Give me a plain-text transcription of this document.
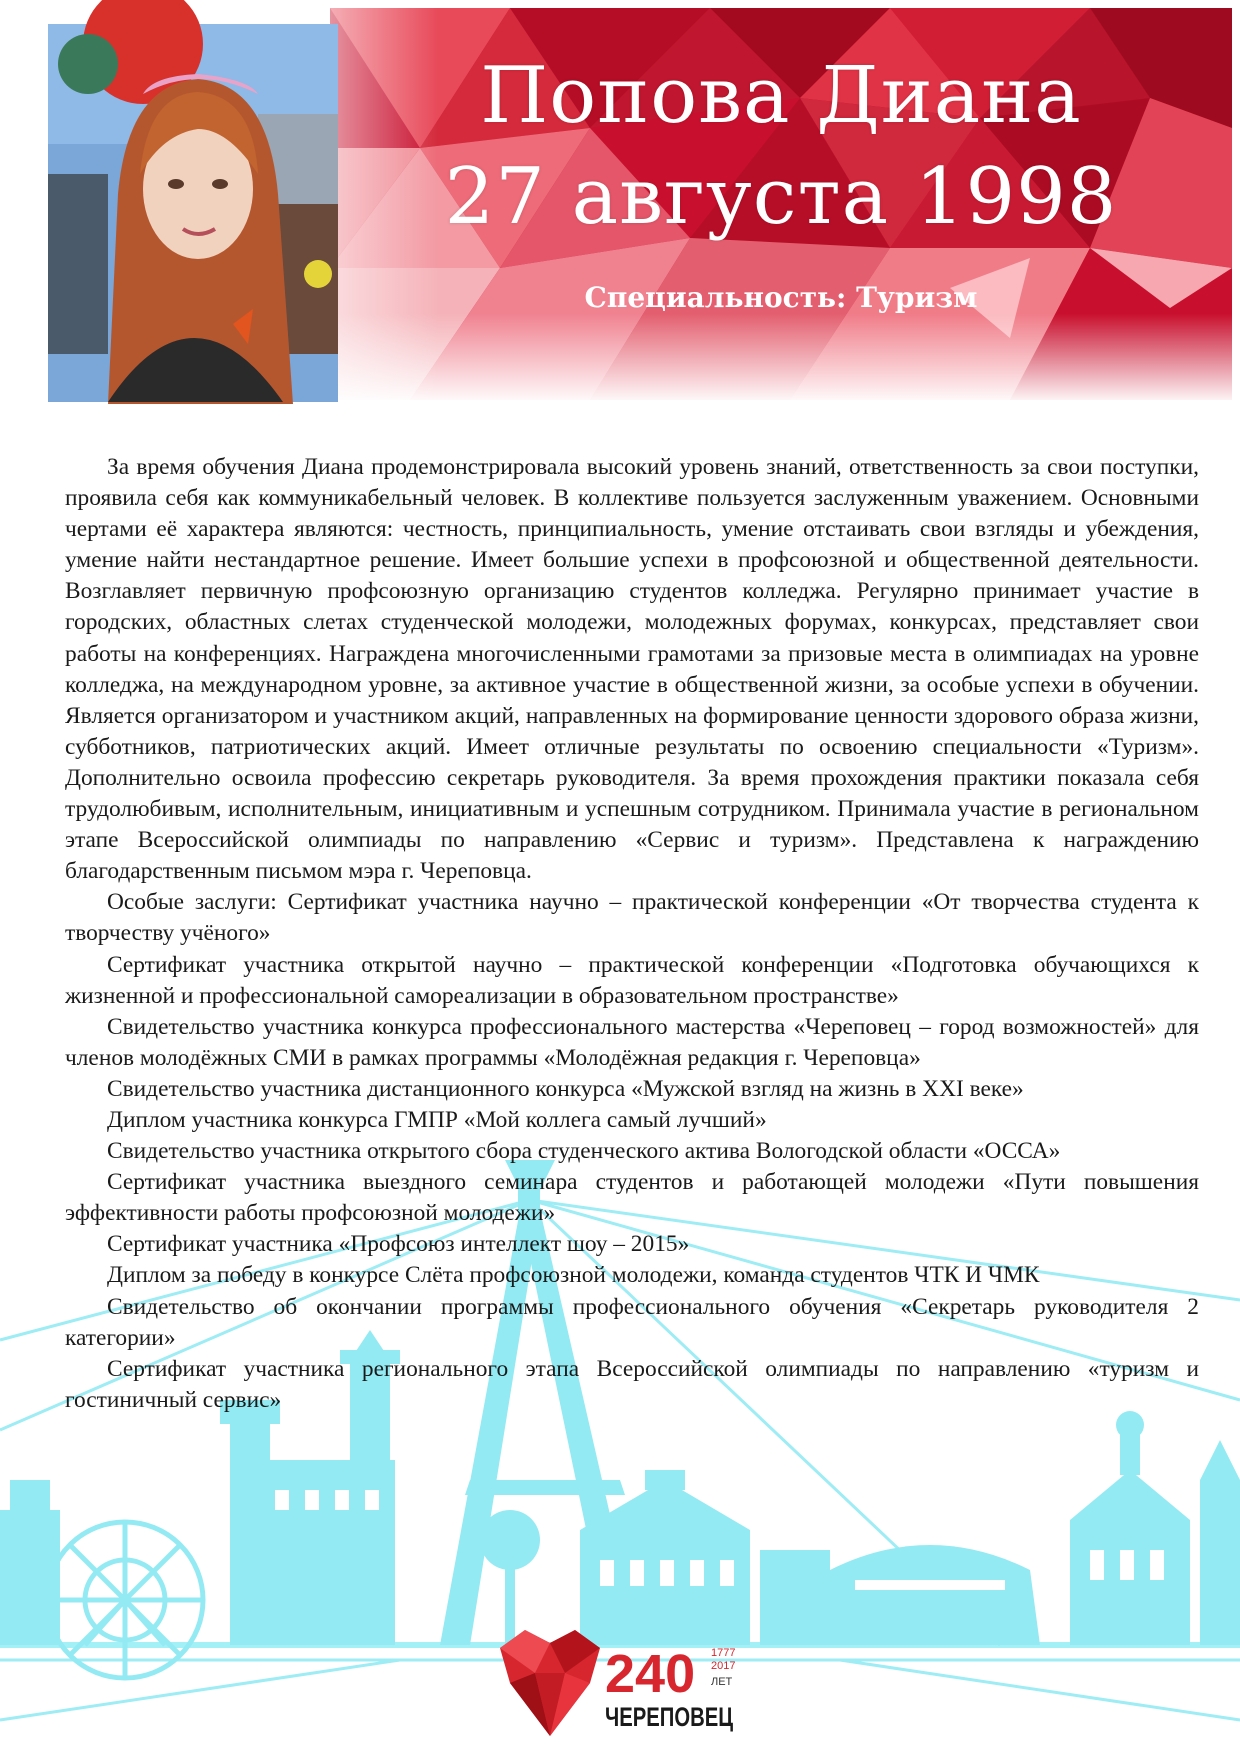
Попова Диана
27 августа 1998
Специальность: Туризм

За время обучения Диана продемонстрировала высокий уровень знаний, ответственность за свои поступки, проявила себя как коммуникабельный человек. В коллективе пользуется заслуженным уважением. Основными чертами её характера являются: честность, принципиальность, умение отстаивать свои взгляды и убеждения, умение найти нестандартное решение. Имеет большие успехи в профсоюзной и общественной деятельности. Возглавляет первичную профсоюзную организацию студентов колледжа. Регулярно принимает участие в городских, областных слетах студенческой молодежи, молодежных форумах, конкурсах, представляет свои работы на конференциях. Награждена многочисленными грамотами за призовые места в олимпиадах на уровне колледжа, на международном уровне, за активное участие в общественной жизни, за особые успехи в обучении. Является организатором и участником акций, направленных на формирование ценности здорового образа жизни, субботников, патриотических акций. Имеет отличные результаты по освоению специальности «Туризм». Дополнительно освоила профессию секретарь руководителя. За время прохождения практики показала себя трудолюбивым, исполнительным, инициативным и успешным сотрудником. Принимала участие в региональном этапе Всероссийской олимпиады по направлению «Сервис и туризм». Представлена к награждению благодарственным письмом мэра г. Череповца.

Особые заслуги: Сертификат участника научно – практической конференции «От творчества студента к творчеству учёного»

Сертификат участника открытой научно – практической конференции «Подготовка обучающихся к жизненной и профессиональной самореализации в образовательном пространстве»

Свидетельство участника конкурса профессионального мастерства «Череповец – город возможностей» для членов молодёжных СМИ в рамках программы «Молодёжная редакция г. Череповца»

Свидетельство участника дистанционного конкурса «Мужской взгляд на жизнь в XXI веке»

Диплом участника конкурса ГМПР «Мой коллега самый лучший»

Свидетельство участника открытого сбора студенческого актива Вологодской области «ОССА»

Сертификат участника выездного семинара студентов и работающей молодежи «Пути повышения эффективности работы профсоюзной молодежи»

Сертификат участника «Профсоюз интеллект шоу – 2015»

Диплом за победу в конкурсе Слёта профсоюзной молодежи, команда студентов ЧТК И ЧМК

Свидетельство об окончании программы профессионального обучения «Секретарь руководителя 2 категории»

Сертификат участника регионального этапа Всероссийской олимпиады по направлению «туризм и гостиничный сервис»

240 1777
2017
ЛЕТ
ЧЕРЕПОВЕЦ
